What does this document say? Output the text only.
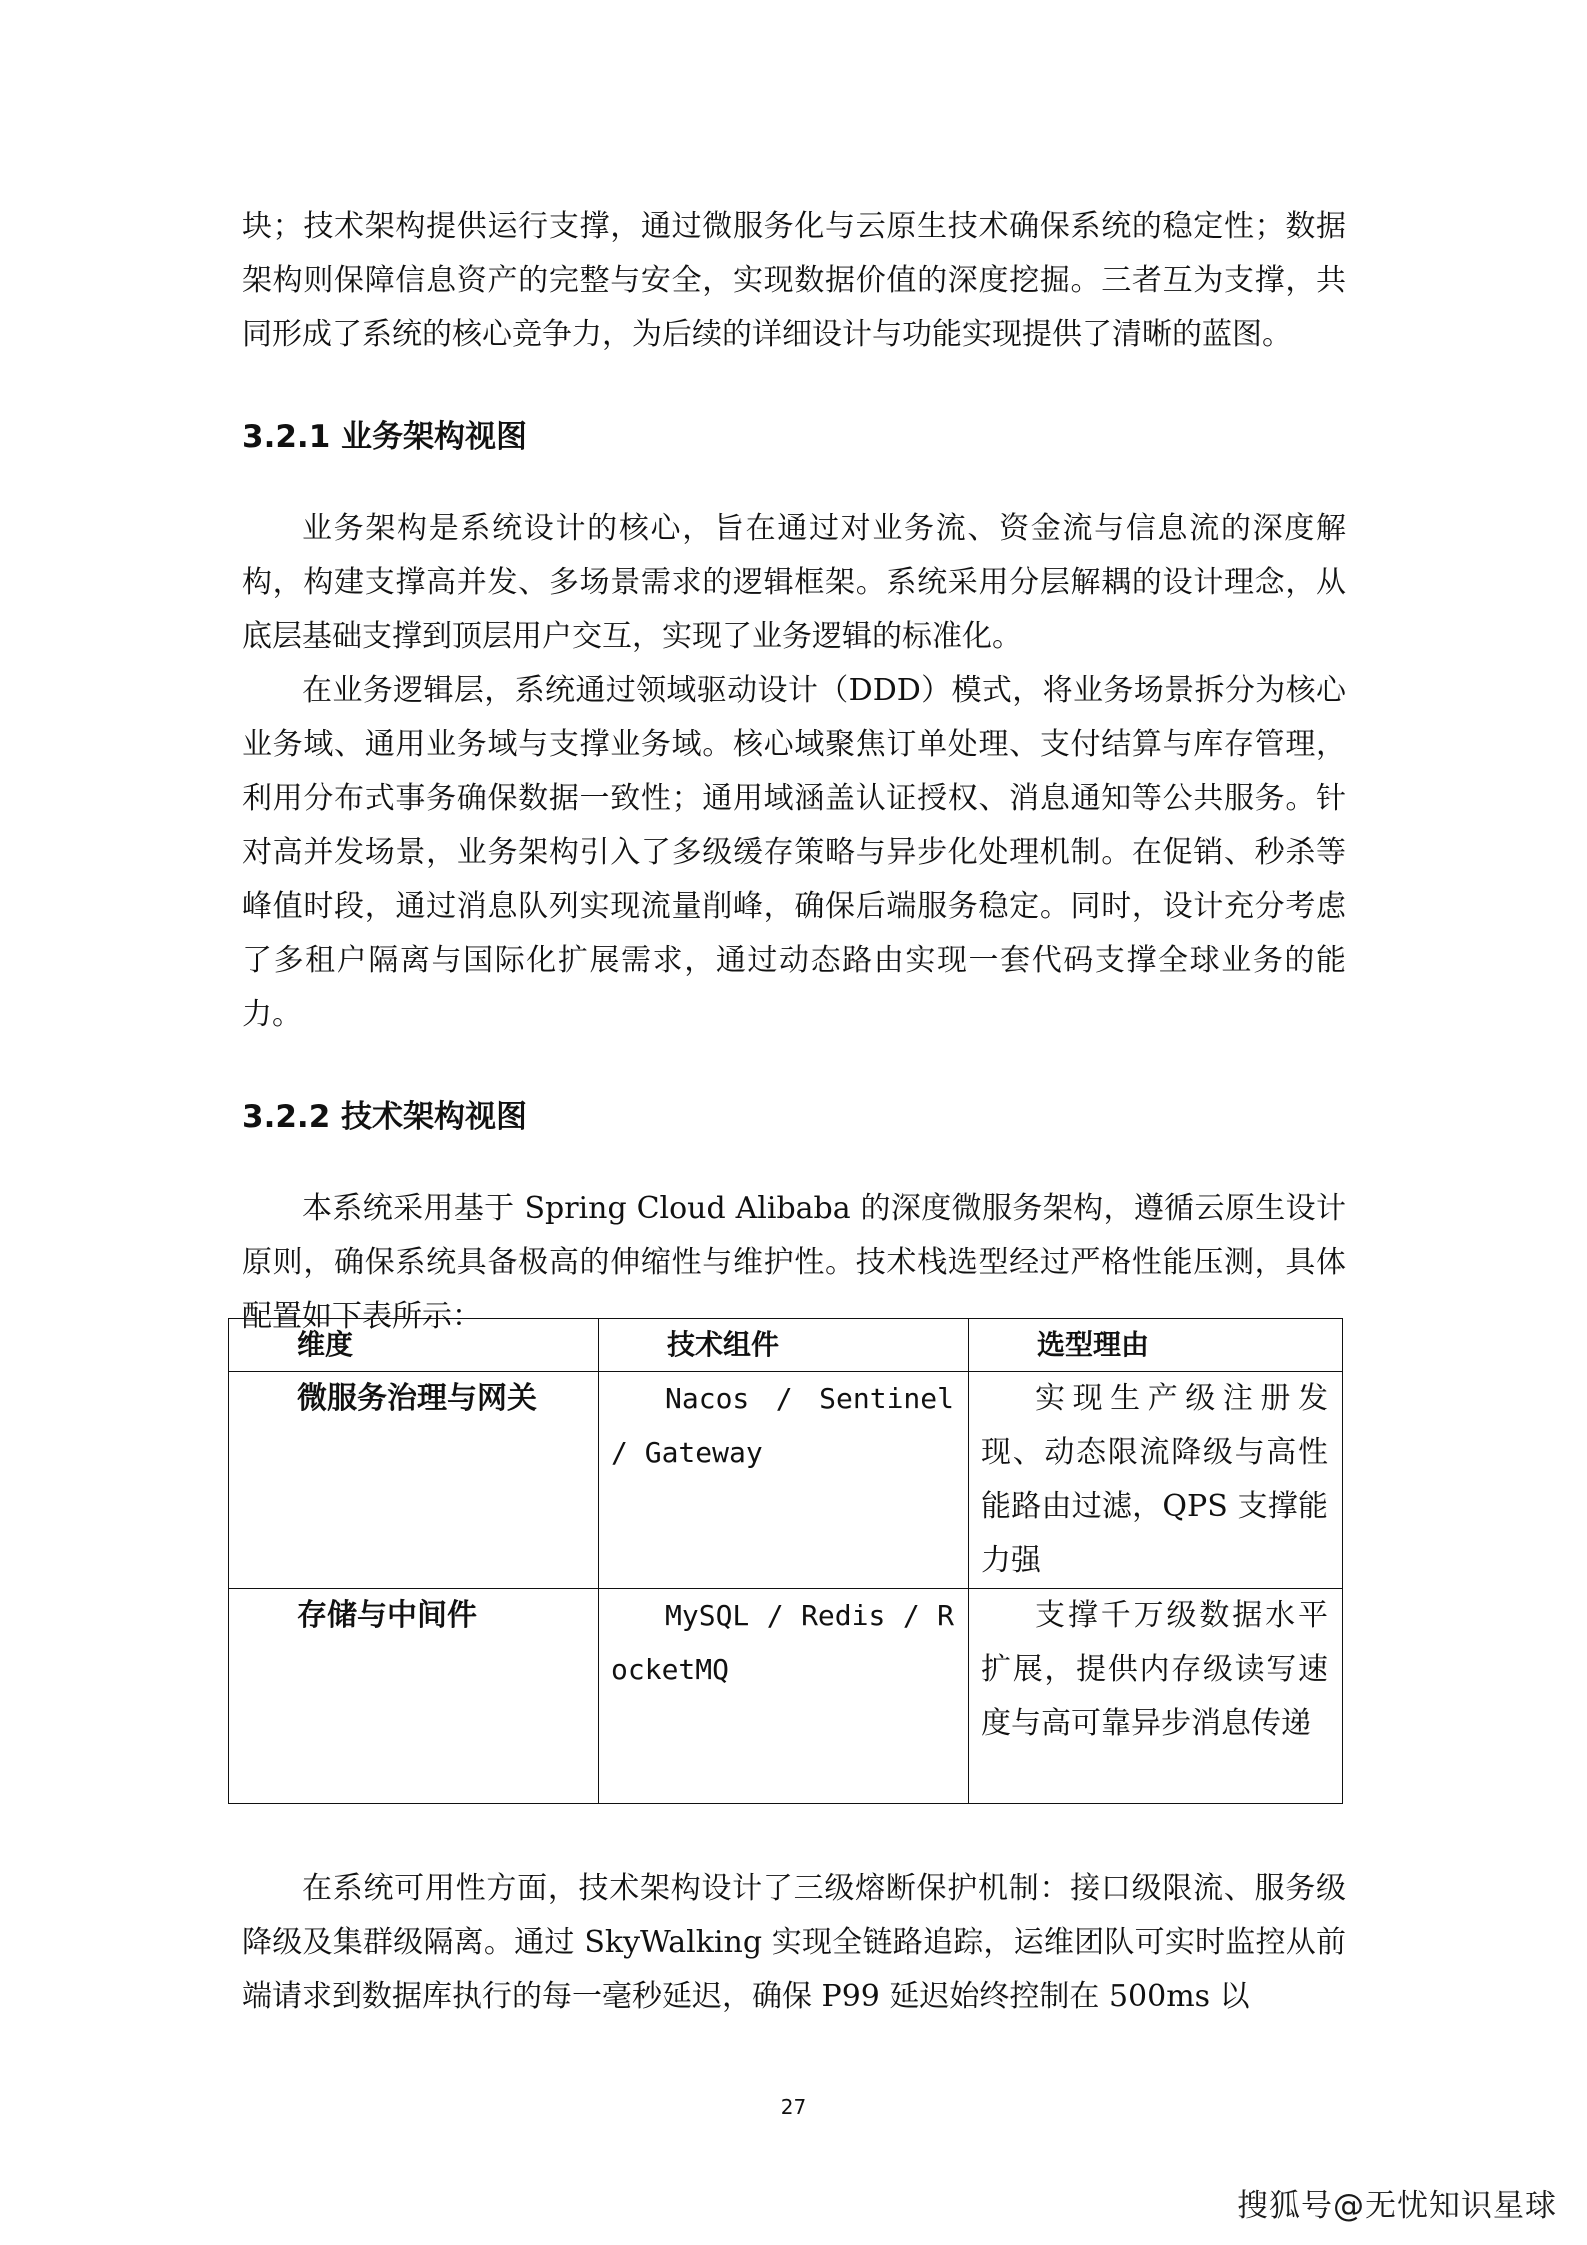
块；技术架构提供运行支撑，通过微服务化与云原生技术确保系统的稳定性；数据架构则保障信息资产的完整与安全，实现数据价值的深度挖掘。三者互为支撑，共同形成了系统的核心竞争力，为后续的详细设计与功能实现提供了清晰的蓝图。

3.2.1 业务架构视图

业务架构是系统设计的核心，旨在通过对业务流、资金流与信息流的深度解构，构建支撑高并发、多场景需求的逻辑框架。系统采用分层解耦的设计理念，从底层基础支撑到顶层用户交互，实现了业务逻辑的标准化。

在业务逻辑层，系统通过领域驱动设计（DDD）模式，将业务场景拆分为核心业务域、通用业务域与支撑业务域。核心域聚焦订单处理、支付结算与库存管理，利用分布式事务确保数据一致性；通用域涵盖认证授权、消息通知等公共服务。针对高并发场景，业务架构引入了多级缓存策略与异步化处理机制。在促销、秒杀等峰值时段，通过消息队列实现流量削峰，确保后端服务稳定。同时，设计充分考虑了多租户隔离与国际化扩展需求，通过动态路由实现一套代码支撑全球业务的能力。

3.2.2 技术架构视图

本系统采用基于 Spring Cloud Alibaba 的深度微服务架构，遵循云原生设计原则，确保系统具备极高的伸缩性与维护性。技术栈选型经过严格性能压测，具体配置如下表所示：

维度	技术组件	选型理由
微服务治理与网关	Nacos / Sentinel / Gateway	实现生产级注册发现、动态限流降级与高性能路由过滤，QPS 支撑能力强
存储与中间件	MySQL / Redis / RocketMQ	支撑千万级数据水平扩展，提供内存级读写速度与高可靠异步消息传递

在系统可用性方面，技术架构设计了三级熔断保护机制：接口级限流、服务级降级及集群级隔离。通过 SkyWalking 实现全链路追踪，运维团队可实时监控从前端请求到数据库执行的每一毫秒延迟，确保 P99 延迟始终控制在 500ms 以

27
搜狐号@无忧知识星球
